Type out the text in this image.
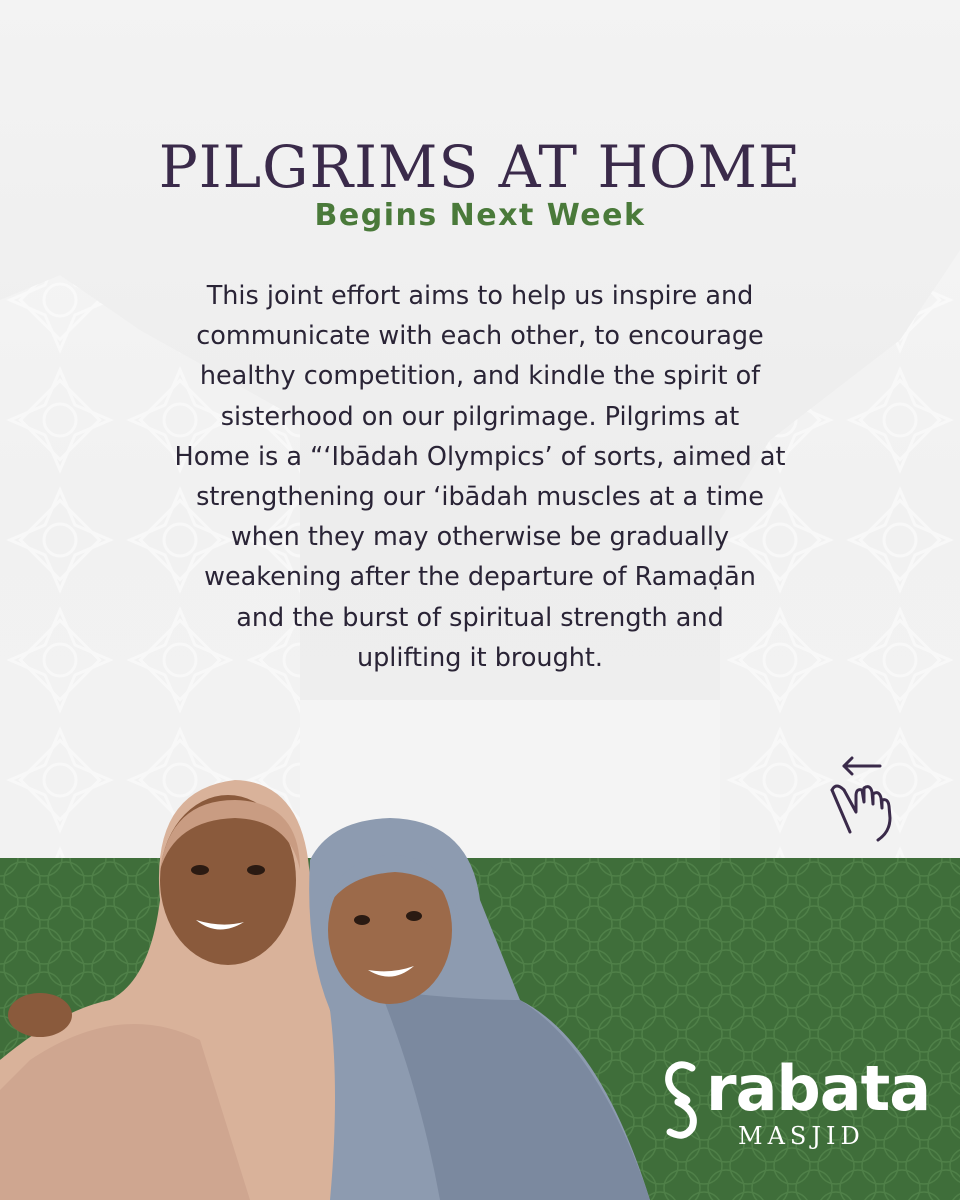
PILGRIMS AT HOME
Begins Next Week

This joint effort aims to help us inspire and
communicate with each other, to encourage
healthy competition, and kindle the spirit of
sisterhood on our pilgrimage. Pilgrims at
Home is a “‘Ibādah Olympics’ of sorts, aimed at
strengthening our ‘ibādah muscles at a time
when they may otherwise be gradually
weakening after the departure of Ramaḍān
and the burst of spiritual strength and
uplifting it brought.

rabata
MASJID
